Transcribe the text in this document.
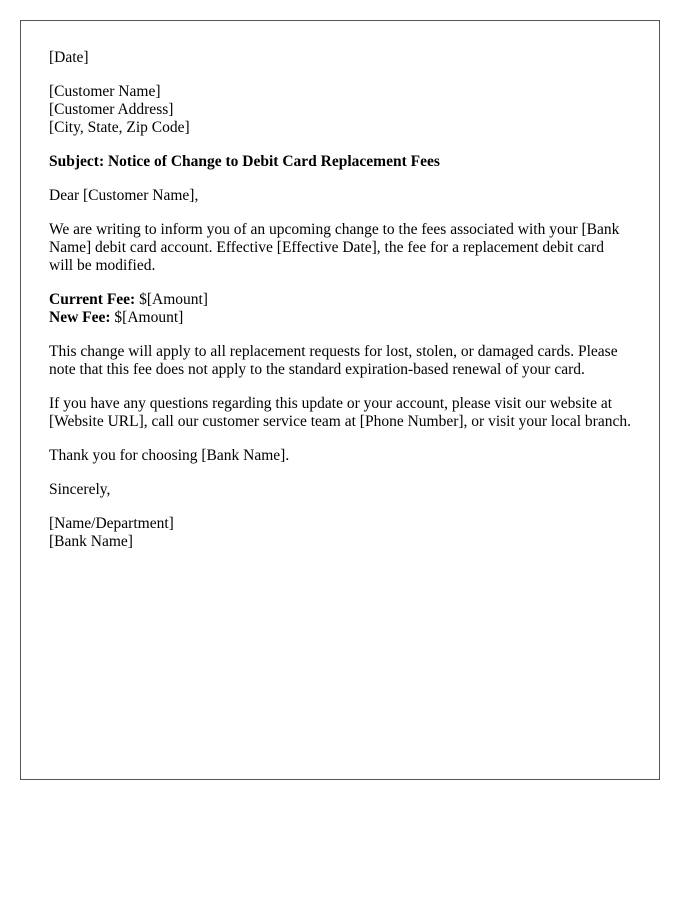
[Date]
[Customer Name]
[Customer Address]
[City, State, Zip Code]
Subject: Notice of Change to Debit Card Replacement Fees
Dear [Customer Name],
We are writing to inform you of an upcoming change to the fees associated with your [Bank Name] debit card account. Effective [Effective Date], the fee for a replacement debit card will be modified.
Current Fee: $[Amount]
New Fee: $[Amount]
This change will apply to all replacement requests for lost, stolen, or damaged cards. Please note that this fee does not apply to the standard expiration-based renewal of your card.
If you have any questions regarding this update or your account, please visit our website at [Website URL], call our customer service team at [Phone Number], or visit your local branch.
Thank you for choosing [Bank Name].
Sincerely,
[Name/Department]
[Bank Name]
